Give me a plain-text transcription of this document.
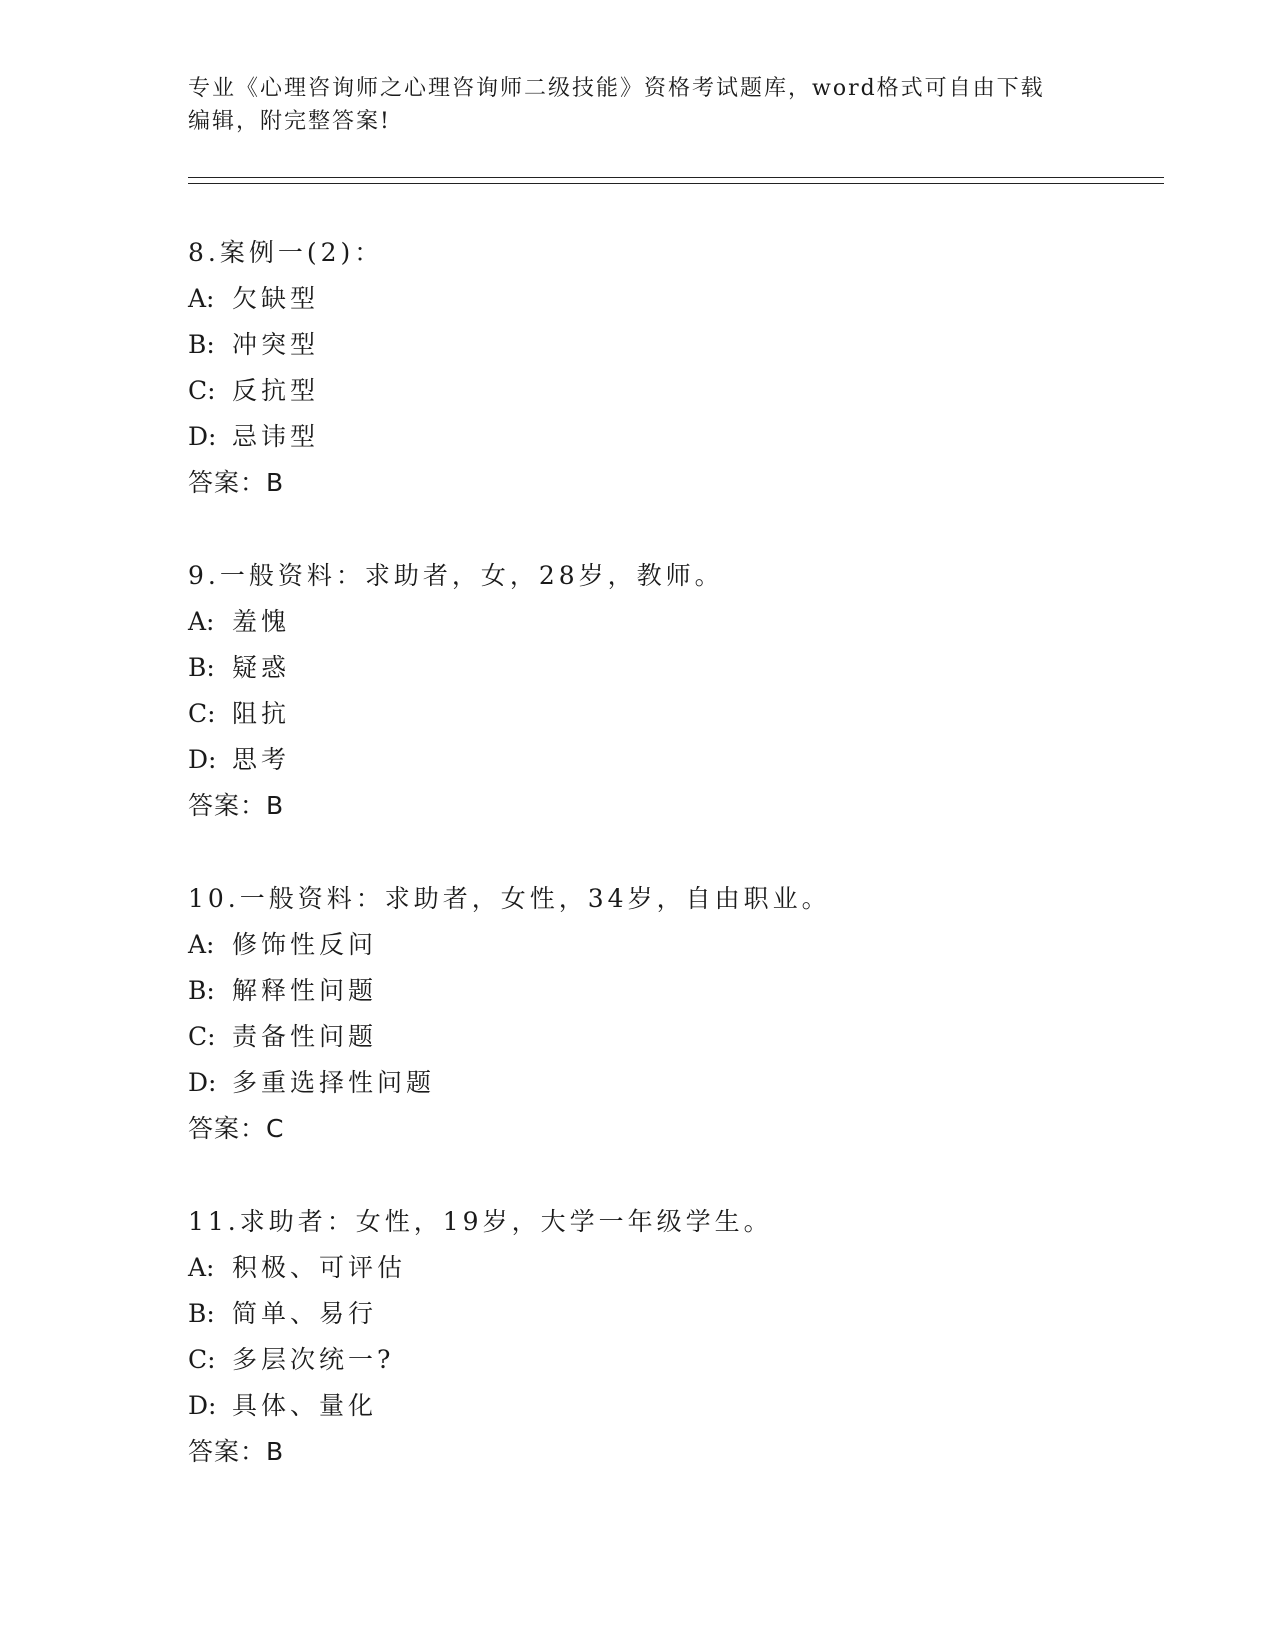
专业《心理咨询师之心理咨询师二级技能》资格考试题库，word格式可自由下载
编辑，附完整答案!
8.案例一(2)：
A: 欠缺型
B: 冲突型
C: 反抗型
D: 忌讳型
答案：B
9.一般资料：求助者，女，28岁，教师。
A: 羞愧
B: 疑惑
C: 阻抗
D: 思考
答案：B
10.一般资料：求助者，女性，34岁，自由职业。
A: 修饰性反问
B: 解释性问题
C: 责备性问题
D: 多重选择性问题
答案：C
11.求助者：女性，19岁，大学一年级学生。
A: 积极、可评估
B: 简单、易行
C: 多层次统一?
D: 具体、量化
答案：B
